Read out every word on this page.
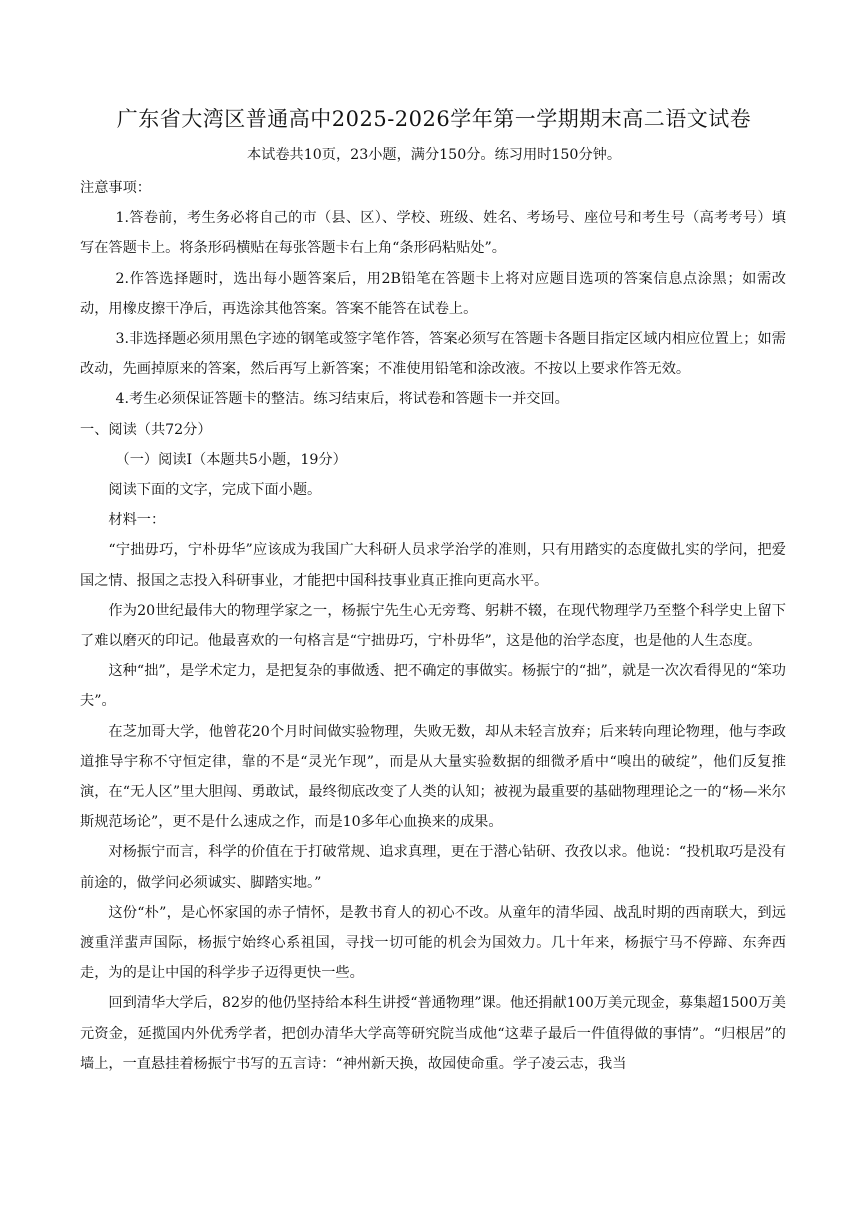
广东省大湾区普通高中2025-2026学年第一学期期末高二语文试卷
本试卷共10页，23小题，满分150分。练习用时150分钟。

注意事项：

1.答卷前，考生务必将自己的市（县、区）、学校、班级、姓名、考场号、座位号和考生号（高考考号）填写在答题卡上。将条形码横贴在每张答题卡右上角“条形码粘贴处”。

2.作答选择题时，选出每小题答案后，用2B铅笔在答题卡上将对应题目选项的答案信息点涂黑；如需改动，用橡皮擦干净后，再选涂其他答案。答案不能答在试卷上。

3.非选择题必须用黑色字迹的钢笔或签字笔作答，答案必须写在答题卡各题目指定区域内相应位置上；如需改动，先画掉原来的答案，然后再写上新答案；不准使用铅笔和涂改液。不按以上要求作答无效。

4.考生必须保证答题卡的整洁。练习结束后，将试卷和答题卡一并交回。

一、阅读（共72分）

（一）阅读I（本题共5小题，19分）

阅读下面的文字，完成下面小题。

材料一：

“宁拙毋巧，宁朴毋华”应该成为我国广大科研人员求学治学的准则，只有用踏实的态度做扎实的学问，把爱国之情、报国之志投入科研事业，才能把中国科技事业真正推向更高水平。

作为20世纪最伟大的物理学家之一，杨振宁先生心无旁骛、躬耕不辍，在现代物理学乃至整个科学史上留下了难以磨灭的印记。他最喜欢的一句格言是“宁拙毋巧，宁朴毋华”，这是他的治学态度，也是他的人生态度。

这种“拙”，是学术定力，是把复杂的事做透、把不确定的事做实。杨振宁的“拙”，就是一次次看得见的“笨功夫”。

在芝加哥大学，他曾花20个月时间做实验物理，失败无数，却从未轻言放弃；后来转向理论物理，他与李政道推导宇称不守恒定律，靠的不是“灵光乍现”，而是从大量实验数据的细微矛盾中“嗅出的破绽”，他们反复推演，在“无人区”里大胆闯、勇敢试，最终彻底改变了人类的认知；被视为最重要的基础物理理论之一的“杨—米尔斯规范场论”，更不是什么速成之作，而是10多年心血换来的成果。

对杨振宁而言，科学的价值在于打破常规、追求真理，更在于潜心钻研、孜孜以求。他说：“投机取巧是没有前途的，做学问必须诚实、脚踏实地。”

这份“朴”，是心怀家国的赤子情怀，是教书育人的初心不改。从童年的清华园、战乱时期的西南联大，到远渡重洋蜚声国际，杨振宁始终心系祖国，寻找一切可能的机会为国效力。几十年来，杨振宁马不停蹄、东奔西走，为的是让中国的科学步子迈得更快一些。

回到清华大学后，82岁的他仍坚持给本科生讲授“普通物理”课。他还捐献100万美元现金，募集超1500万美元资金，延揽国内外优秀学者，把创办清华大学高等研究院当成他“这辈子最后一件值得做的事情”。“归根居”的墙上，一直悬挂着杨振宁书写的五言诗：“神州新天换，故园使命重。学子凌云志，我当
